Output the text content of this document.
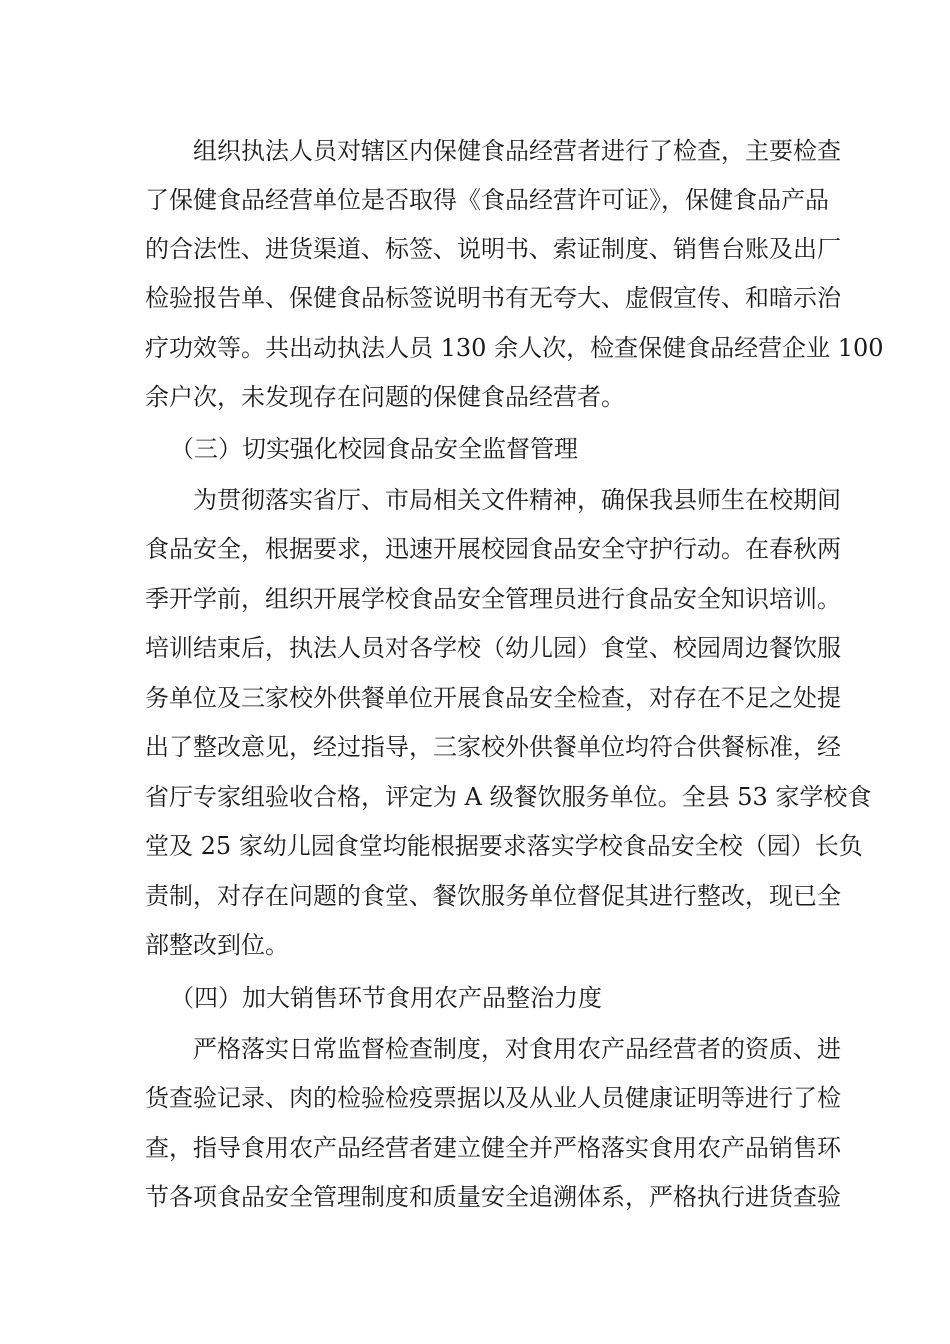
组织执法人员对辖区内保健食品经营者进行了检查，主要检查
了保健食品经营单位是否取得《食品经营许可证》，保健食品产品
的合法性、进货渠道、标签、说明书、索证制度、销售台账及出厂
检验报告单、保健食品标签说明书有无夸大、虚假宣传、和暗示治
疗功效等。共出动执法人员 130 余人次，检查保健食品经营企业 100
余户次，未发现存在问题的保健食品经营者。
（三）切实强化校园食品安全监督管理
为贯彻落实省厅、市局相关文件精神，确保我县师生在校期间
食品安全，根据要求，迅速开展校园食品安全守护行动。在春秋两
季开学前，组织开展学校食品安全管理员进行食品安全知识培训。
培训结束后，执法人员对各学校（幼儿园）食堂、校园周边餐饮服
务单位及三家校外供餐单位开展食品安全检查，对存在不足之处提
出了整改意见，经过指导，三家校外供餐单位均符合供餐标准，经
省厅专家组验收合格，评定为 A 级餐饮服务单位。全县 53 家学校食
堂及 25 家幼儿园食堂均能根据要求落实学校食品安全校（园）长负
责制，对存在问题的食堂、餐饮服务单位督促其进行整改，现已全
部整改到位。
（四）加大销售环节食用农产品整治力度
严格落实日常监督检查制度，对食用农产品经营者的资质、进
货查验记录、肉的检验检疫票据以及从业人员健康证明等进行了检
查，指导食用农产品经营者建立健全并严格落实食用农产品销售环
节各项食品安全管理制度和质量安全追溯体系，严格执行进货查验
